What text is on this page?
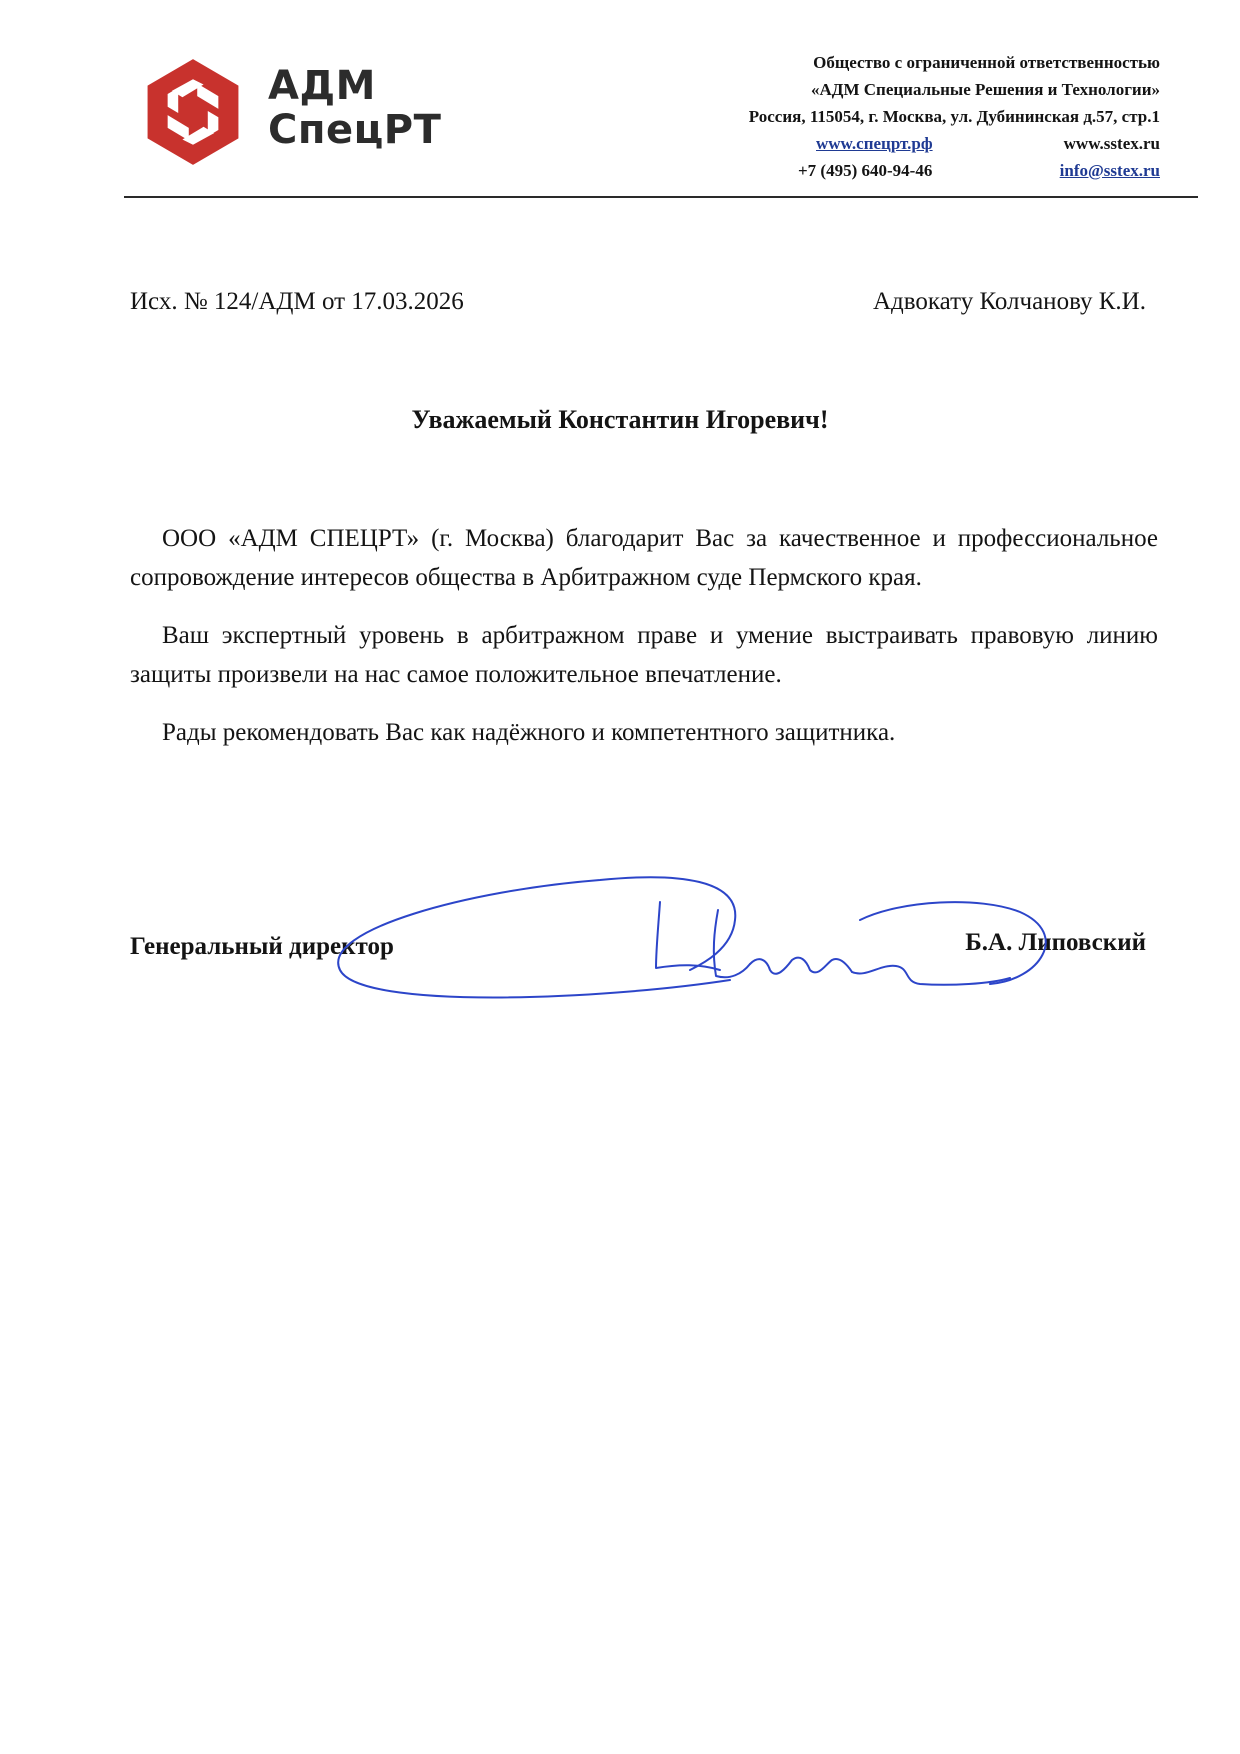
АДМ
СпецРТ
Общество с ограниченной ответственностью
«АДМ Специальные Решения и Технологии»
Россия, 115054, г. Москва, ул. Дубининская д.57, стр.1
www.спецрт.рф	www.sstex.ru
+7 (495) 640-94-46	info@sstex.ru
Исх. № 124/АДМ от 17.03.2026	Адвокату Колчанову К.И.
Уважаемый Константин Игоревич!

ООО «АДМ СПЕЦРТ» (г. Москва) благодарит Вас за качественное и профессиональное сопровождение интересов общества в Арбитражном суде Пермского края.

Ваш экспертный уровень в арбитражном праве и умение выстраивать правовую линию защиты произвели на нас самое положительное впечатление.

Рады рекомендовать Вас как надёжного и компетентного защитника.

Генеральный директор	Б.А. Липовский
